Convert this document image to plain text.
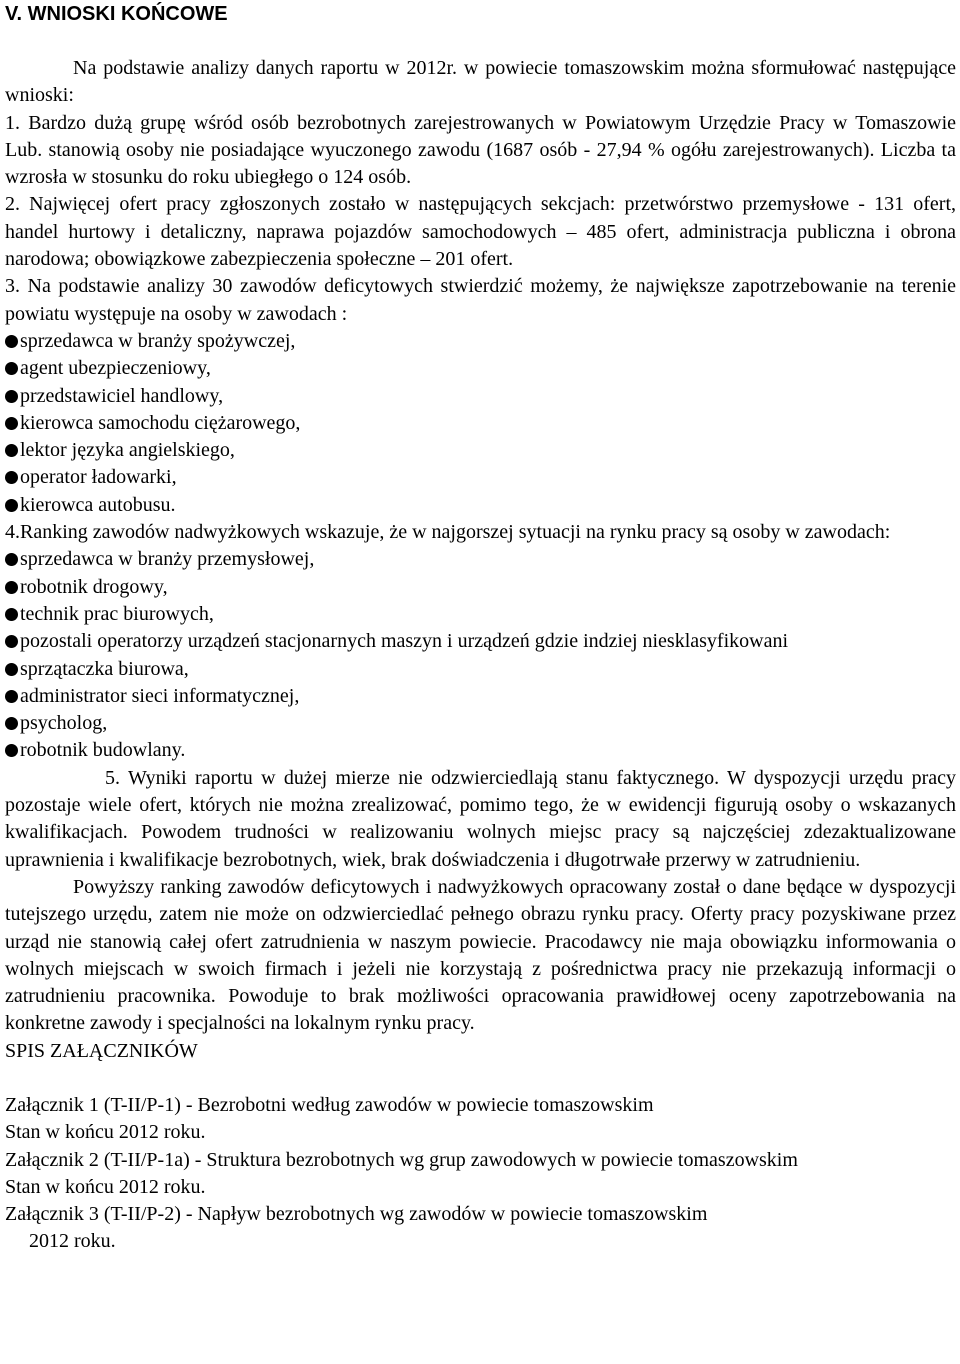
V. WNIOSKI KOŃCOWE

Na podstawie analizy danych raportu w 2012r. w powiecie tomaszowskim można sformułować następujące wnioski:

1. Bardzo dużą grupę wśród osób bezrobotnych zarejestrowanych w Powiatowym Urzędzie Pracy w Tomaszowie Lub. stanowią osoby nie posiadające wyuczonego zawodu (1687 osób - 27,94 % ogółu zarejestrowanych). Liczba ta wzrosła w stosunku do roku ubiegłego o 124 osób.

2. Najwięcej ofert pracy zgłoszonych zostało w następujących sekcjach: przetwórstwo przemysłowe - 131 ofert, handel hurtowy i detaliczny, naprawa pojazdów samochodowych – 485 ofert, administracja publiczna i obrona narodowa; obowiązkowe zabezpieczenia społeczne – 201 ofert.

3. Na podstawie analizy 30 zawodów deficytowych stwierdzić możemy, że największe zapotrzebowanie na terenie powiatu występuje na osoby w zawodach :

sprzedawca w branży spożywczej,
agent ubezpieczeniowy,
przedstawiciel handlowy,
kierowca samochodu ciężarowego,
lektor języka angielskiego,
operator ładowarki,
kierowca autobusu.

4.Ranking zawodów nadwyżkowych wskazuje, że w najgorszej sytuacji na rynku pracy są osoby w zawodach:

sprzedawca w branży przemysłowej,
robotnik drogowy,
technik prac biurowych,
pozostali operatorzy urządzeń stacjonarnych maszyn i urządzeń gdzie indziej niesklasyfikowani
sprzątaczka biurowa,
administrator sieci informatycznej,
psycholog,
robotnik budowlany.

5. Wyniki raportu w dużej mierze nie odzwierciedlają stanu faktycznego. W dyspozycji urzędu pracy pozostaje wiele ofert, których nie można zrealizować, pomimo tego, że w ewidencji figurują osoby o wskazanych kwalifikacjach. Powodem trudności w realizowaniu wolnych miejsc pracy są najczęściej zdezaktualizowane uprawnienia i kwalifikacje bezrobotnych, wiek, brak doświadczenia i długotrwałe przerwy w zatrudnieniu.

Powyższy ranking zawodów deficytowych i nadwyżkowych opracowany został o dane będące w dyspozycji tutejszego urzędu, zatem nie może on odzwierciedlać pełnego obrazu rynku pracy. Oferty pracy pozyskiwane przez urząd nie stanowią całej ofert zatrudnienia w naszym powiecie. Pracodawcy nie maja obowiązku informowania o wolnych miejscach w swoich firmach i jeżeli nie korzystają z pośrednictwa pracy nie przekazują informacji o zatrudnieniu pracownika. Powoduje to brak możliwości opracowania prawidłowej oceny zapotrzebowania na konkretne zawody i specjalności na lokalnym rynku pracy.

SPIS ZAŁĄCZNIKÓW

Załącznik 1 (T-II/P-1) - Bezrobotni według zawodów w powiecie tomaszowskim

Stan w końcu 2012 roku.

Załącznik 2 (T-II/P-1a) - Struktura bezrobotnych wg grup zawodowych w powiecie tomaszowskim

Stan w końcu 2012 roku.

Załącznik 3 (T-II/P-2) - Napływ bezrobotnych wg zawodów w powiecie tomaszowskim

2012 roku.
